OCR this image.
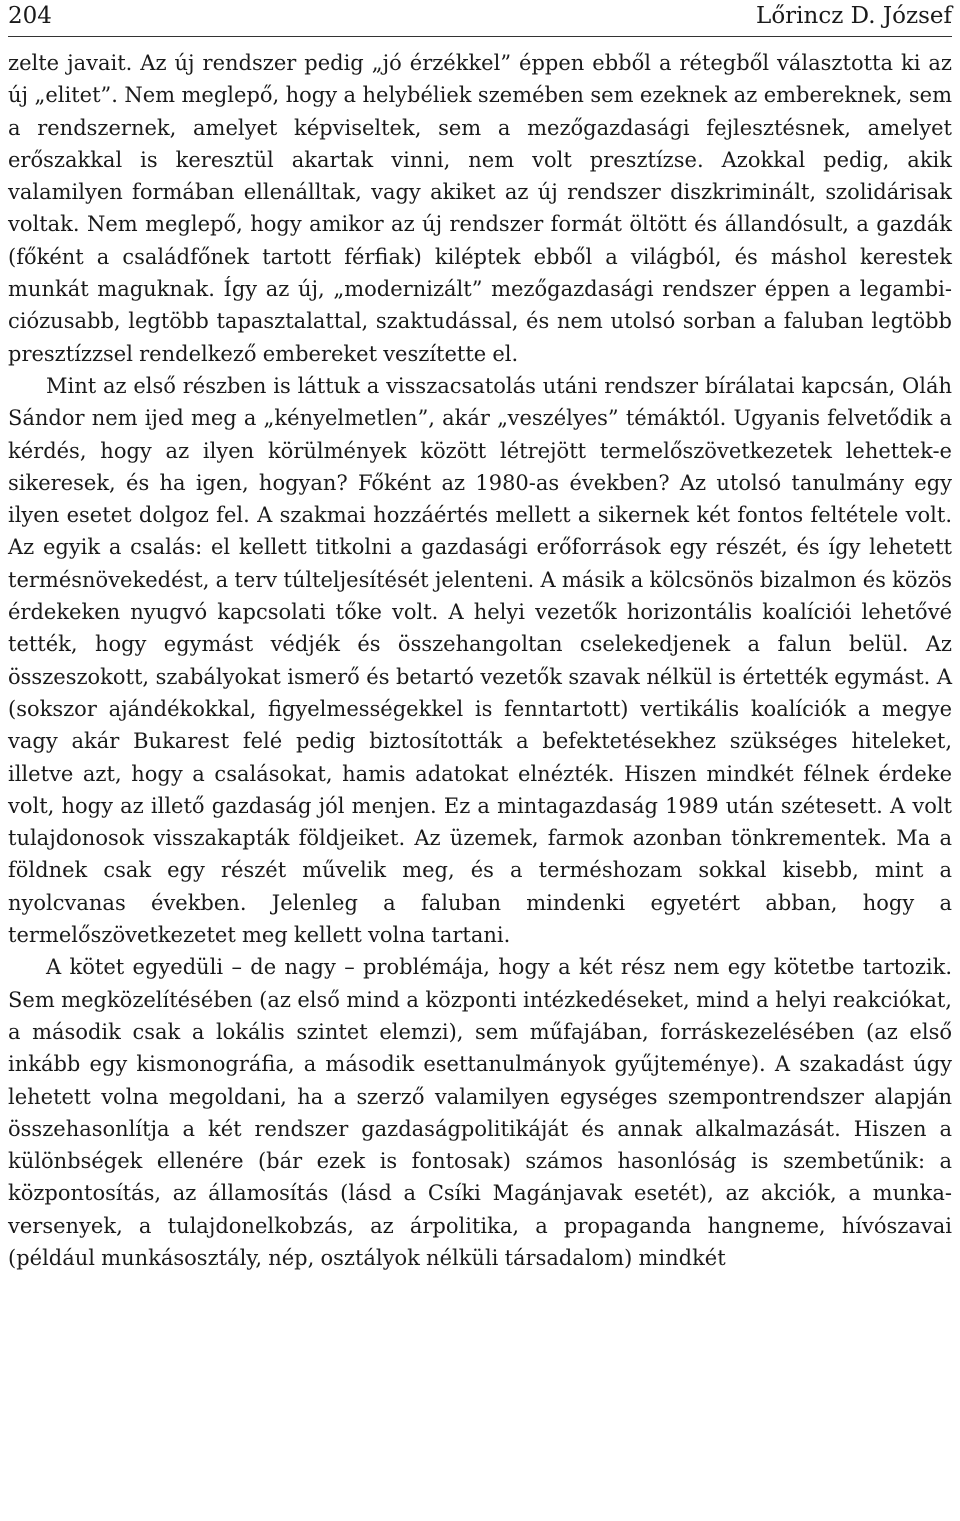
204	Lőrincz D. József

zelte javait. Az új rendszer pedig „jó érzékkel” éppen ebből a rétegből választotta ki az új „elitet”. Nem meglepő, hogy a helybéliek szemében sem ezeknek az embereknek, sem a rendszernek, amelyet képviseltek, sem a mezőgazdasági fejlesztésnek, amelyet erőszakkal is keresztül akartak vinni, nem volt presztízse. Azokkal pedig, akik valamilyen formában ellenálltak, vagy akiket az új rendszer diszkriminált, szolidárisak voltak. Nem meglepő, hogy amikor az új rendszer formát öltött és állandósult, a gazdák (főként a családfőnek tartott férfiak) kiléptek ebből a világból, és máshol kerestek munkát maguknak. Így az új, „modernizált” mezőgazdasági rendszer éppen a legambiciózusabb, legtöbb tapasztalattal, szaktudással, és nem utolsó sorban a faluban legtöbb presztízzsel rendelkező embereket veszítette el.

Mint az első részben is láttuk a visszacsatolás utáni rendszer bírálatai kapcsán, Oláh Sándor nem ijed meg a „kényelmetlen”, akár „veszélyes” témáktól. Ugyanis felvetődik a kérdés, hogy az ilyen körülmények között létrejött termelőszövetkezetek lehettek-e sikeresek, és ha igen, hogyan? Főként az 1980-as években? Az utolsó tanulmány egy ilyen esetet dolgoz fel. A szakmai hozzáértés mellett a sikernek két fontos feltétele volt. Az egyik a csalás: el kellett titkolni a gazdasági erőforrások egy részét, és így lehetett termésnövekedést, a terv túlteljesítését jelenteni. A másik a kölcsönös bizalmon és közös érdekeken nyugvó kapcsolati tőke volt. A helyi vezetők horizontális koalíciói lehetővé tették, hogy egymást védjék és összehangoltan cselekedjenek a falun belül. Az összeszokott, szabályokat ismerő és betartó vezetők szavak nélkül is értették egymást. A (sokszor ajándékokkal, figyelmességekkel is fenntartott) vertikális koalíciók a megye vagy akár Bukarest felé pedig biztosították a befektetésekhez szükséges hiteleket, illetve azt, hogy a csalásokat, hamis adatokat elnézték. Hiszen mindkét félnek érdeke volt, hogy az illető gazdaság jól menjen. Ez a mintagazdaság 1989 után szétesett. A volt tulajdonosok visszakapták földjeiket. Az üzemek, farmok azonban tönkrementek. Ma a földnek csak egy részét művelik meg, és a terméshozam sokkal kisebb, mint a nyolcvanas években. Jelenleg a faluban mindenki egyetért abban, hogy a termelőszövetkezetet meg kellett volna tartani.

A kötet egyedüli – de nagy – problémája, hogy a két rész nem egy kötetbe tartozik. Sem megközelítésében (az első mind a központi intézkedéseket, mind a helyi reakciókat, a második csak a lokális szintet elemzi), sem műfajában, forráskezelésében (az első inkább egy kismonográfia, a második esettanulmányok gyűjteménye). A szakadást úgy lehetett volna megoldani, ha a szerző valamilyen egységes szempontrendszer alapján összehasonlítja a két rendszer gazdaságpolitikáját és annak alkalmazását. Hiszen a különbségek ellenére (bár ezek is fontosak) számos hasonlóság is szembetűnik: a központosítás, az államosítás (lásd a Csíki Magánjavak esetét), az akciók, a munkaversenyek, a tulajdonelkobzás, az árpolitika, a propaganda hangneme, hívószavai (például munkásosztály, nép, osztályok nélküli társadalom) mindkét
